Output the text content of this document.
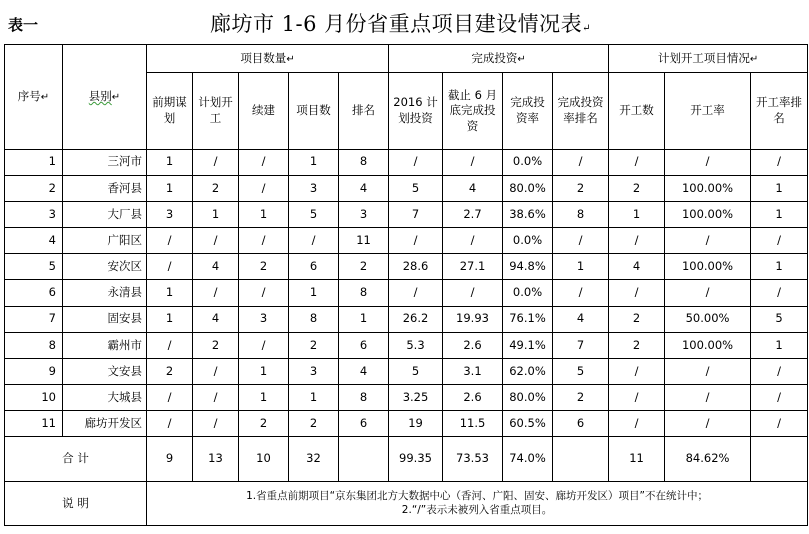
表一	廊坊市 1-6 月份省重点项目建设情况表↵
序号↵	县别↵	项目数量↵					完成投资↵				计划开工项目情况↵		
		前期谋划	计划开工	续建	项目数	排名	2016 计划投资	截止 6 月底完成投资	完成投资率	完成投资率排名	开工数	开工率	开工率排名
1	三河市	1	/	/	1	8	/	/	0.0%	/	/	/	/
2	香河县	1	2	/	3	4	5	4	80.0%	2	2	100.00%	1
3	大厂县	3	1	1	5	3	7	2.7	38.6%	8	1	100.00%	1
4	广阳区	/	/	/	/	11	/	/	0.0%	/	/	/	/
5	安次区	/	4	2	6	2	28.6	27.1	94.8%	1	4	100.00%	1
6	永清县	1	/	/	1	8	/	/	0.0%	/	/	/	/
7	固安县	1	4	3	8	1	26.2	19.93	76.1%	4	2	50.00%	5
8	霸州市	/	2	/	2	6	5.3	2.6	49.1%	7	2	100.00%	1
9	文安县	2	/	1	3	4	5	3.1	62.0%	5	/	/	/
10	大城县	/	/	1	1	8	3.25	2.6	80.0%	2	/	/	/
11	廊坊开发区	/	/	2	2	6	19	11.5	60.5%	6	/	/	/
合 计		9	13	10	32		99.35	73.53	74.0%		11	84.62%	
说 明		1.省重点前期项目“京东集团北方大数据中心（香河、广阳、固安、廊坊开发区）项目”不在统计中；
2.“/”表示未被列入省重点项目。											
